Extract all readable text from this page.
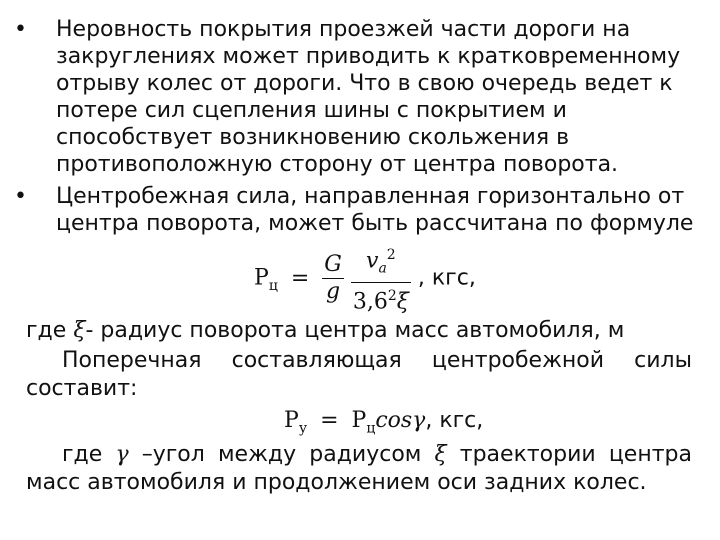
•	Неровность покрытия проезжей части дороги на
закруглениях может приводить к кратковременному
отрыву колес от дороги. Что в свою очередь ведет к
потере сил сцепления шины с покрытием и
способствует возникновению скольжения в
противоположную сторону от центра поворота.
•	Центробежная сила, направленная горизонтально от
центра поворота, может быть рассчитана по формуле
$Р_ц = \frac{G}{g}$
$\frac{v_a^2}{3,6^2\xi}$ , кгс,
где ξ- радиус поворота центра масс автомобиля, м
Поперечная составляющая центробежной силы
составит:
$Р_у = Р_ц\cos\gamma$, кгс,
где γ –угол между радиусом ξ траектории центра
масс автомобиля и продолжением оси задних колес.
